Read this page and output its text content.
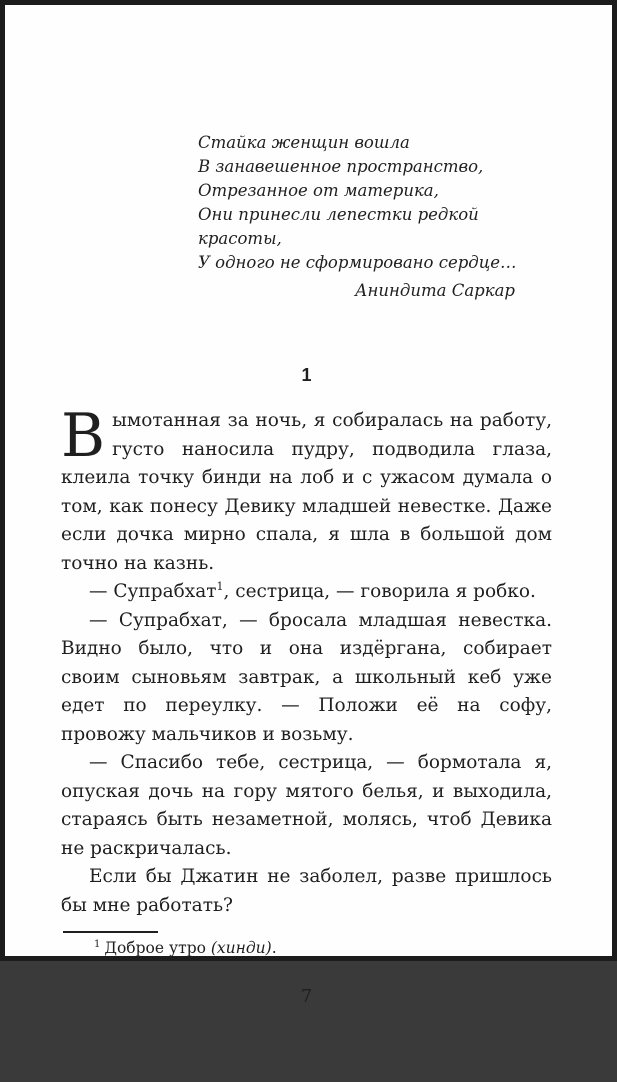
Стайка женщин вошла
В занавешенное пространство,
Отрезанное от материка,
Они принесли лепестки редкой красоты,
У одного не сформировано сердце…
Аниндита Саркар
1

Вымотанная за ночь, я собиралась на работу, густо наносила пудру, подводила глаза, клеила точку бинди на лоб и с ужасом думала о том, как понесу Девику младшей невестке. Даже если дочка мирно спала, я шла в большой дом точно на казнь.

— Супрабхат$^1$, сестрица, — говорила я робко.

— Супрабхат, — бросала младшая невестка. Видно было, что и она издёргана, собирает своим сыновьям завтрак, а школьный кеб уже едет по переулку. — Положи её на софу, провожу мальчиков и возьму.

— Спасибо тебе, сестрица, — бормотала я, опуская дочь на гору мятого белья, и выходила, стараясь быть незаметной, молясь, чтоб Девика не раскричалась.

Если бы Джатин не заболел, разве пришлось бы мне работать?

$^1$ Доброе утро (хинди).
7
